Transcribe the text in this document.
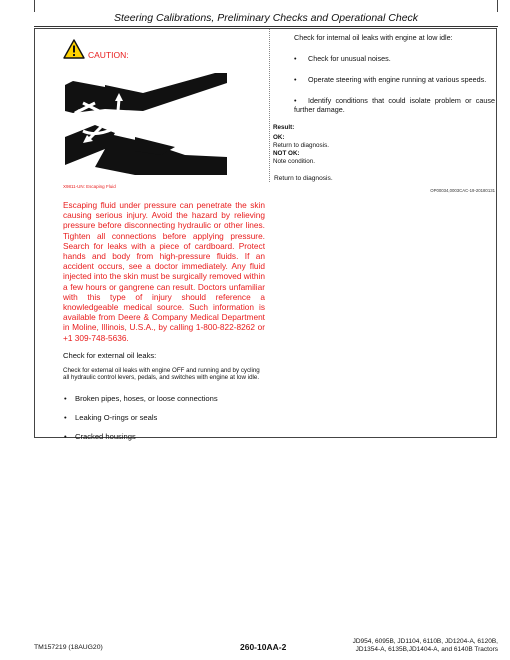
Steering Calibrations, Preliminary Checks and Operational Check
CAUTION:
X9811-UN: Escaping Fluid
Escaping fluid under pressure can penetrate the skin causing serious injury. Avoid the hazard by relieving pressure before disconnecting hydraulic or other lines. Tighten all connections before applying pressure. Search for leaks with a piece of cardboard. Protect hands and body from high-pressure fluids. If an accident occurs, see a doctor immediately. Any fluid injected into the skin must be surgically removed within a few hours or gangrene can result. Doctors unfamiliar with this type of injury should reference a knowledgeable medical source. Such information is available from Deere & Company Medical Department in Moline, Illinois, U.S.A., by calling 1-800-822-8262 or +1 309-748-5636.
Check for external oil leaks:
Check for external oil leaks with engine OFF and running and by cycling all hydraulic control levers, pedals, and switches with engine at low idle.
• Broken pipes, hoses, or loose connections
• Leaking O-rings or seals
• Cracked housings
Check for internal oil leaks with engine at low idle:
• Check for unusual noises.
• Operate steering with engine running at various speeds.
• Identify conditions that could isolate problem or cause further damage.
Result:
OK:
Return to diagnosis.
NOT OK:
Note condition.
Return to diagnosis.
OP00034,0003CAC-19-20180131
TM157219 (18AUG20)	260-10AA-2
JD954, 6095B, JD1104, 6110B, JD1204-A, 6120B,
JD1354-A, 6135B,JD1404-A, and 6140B Tractors
